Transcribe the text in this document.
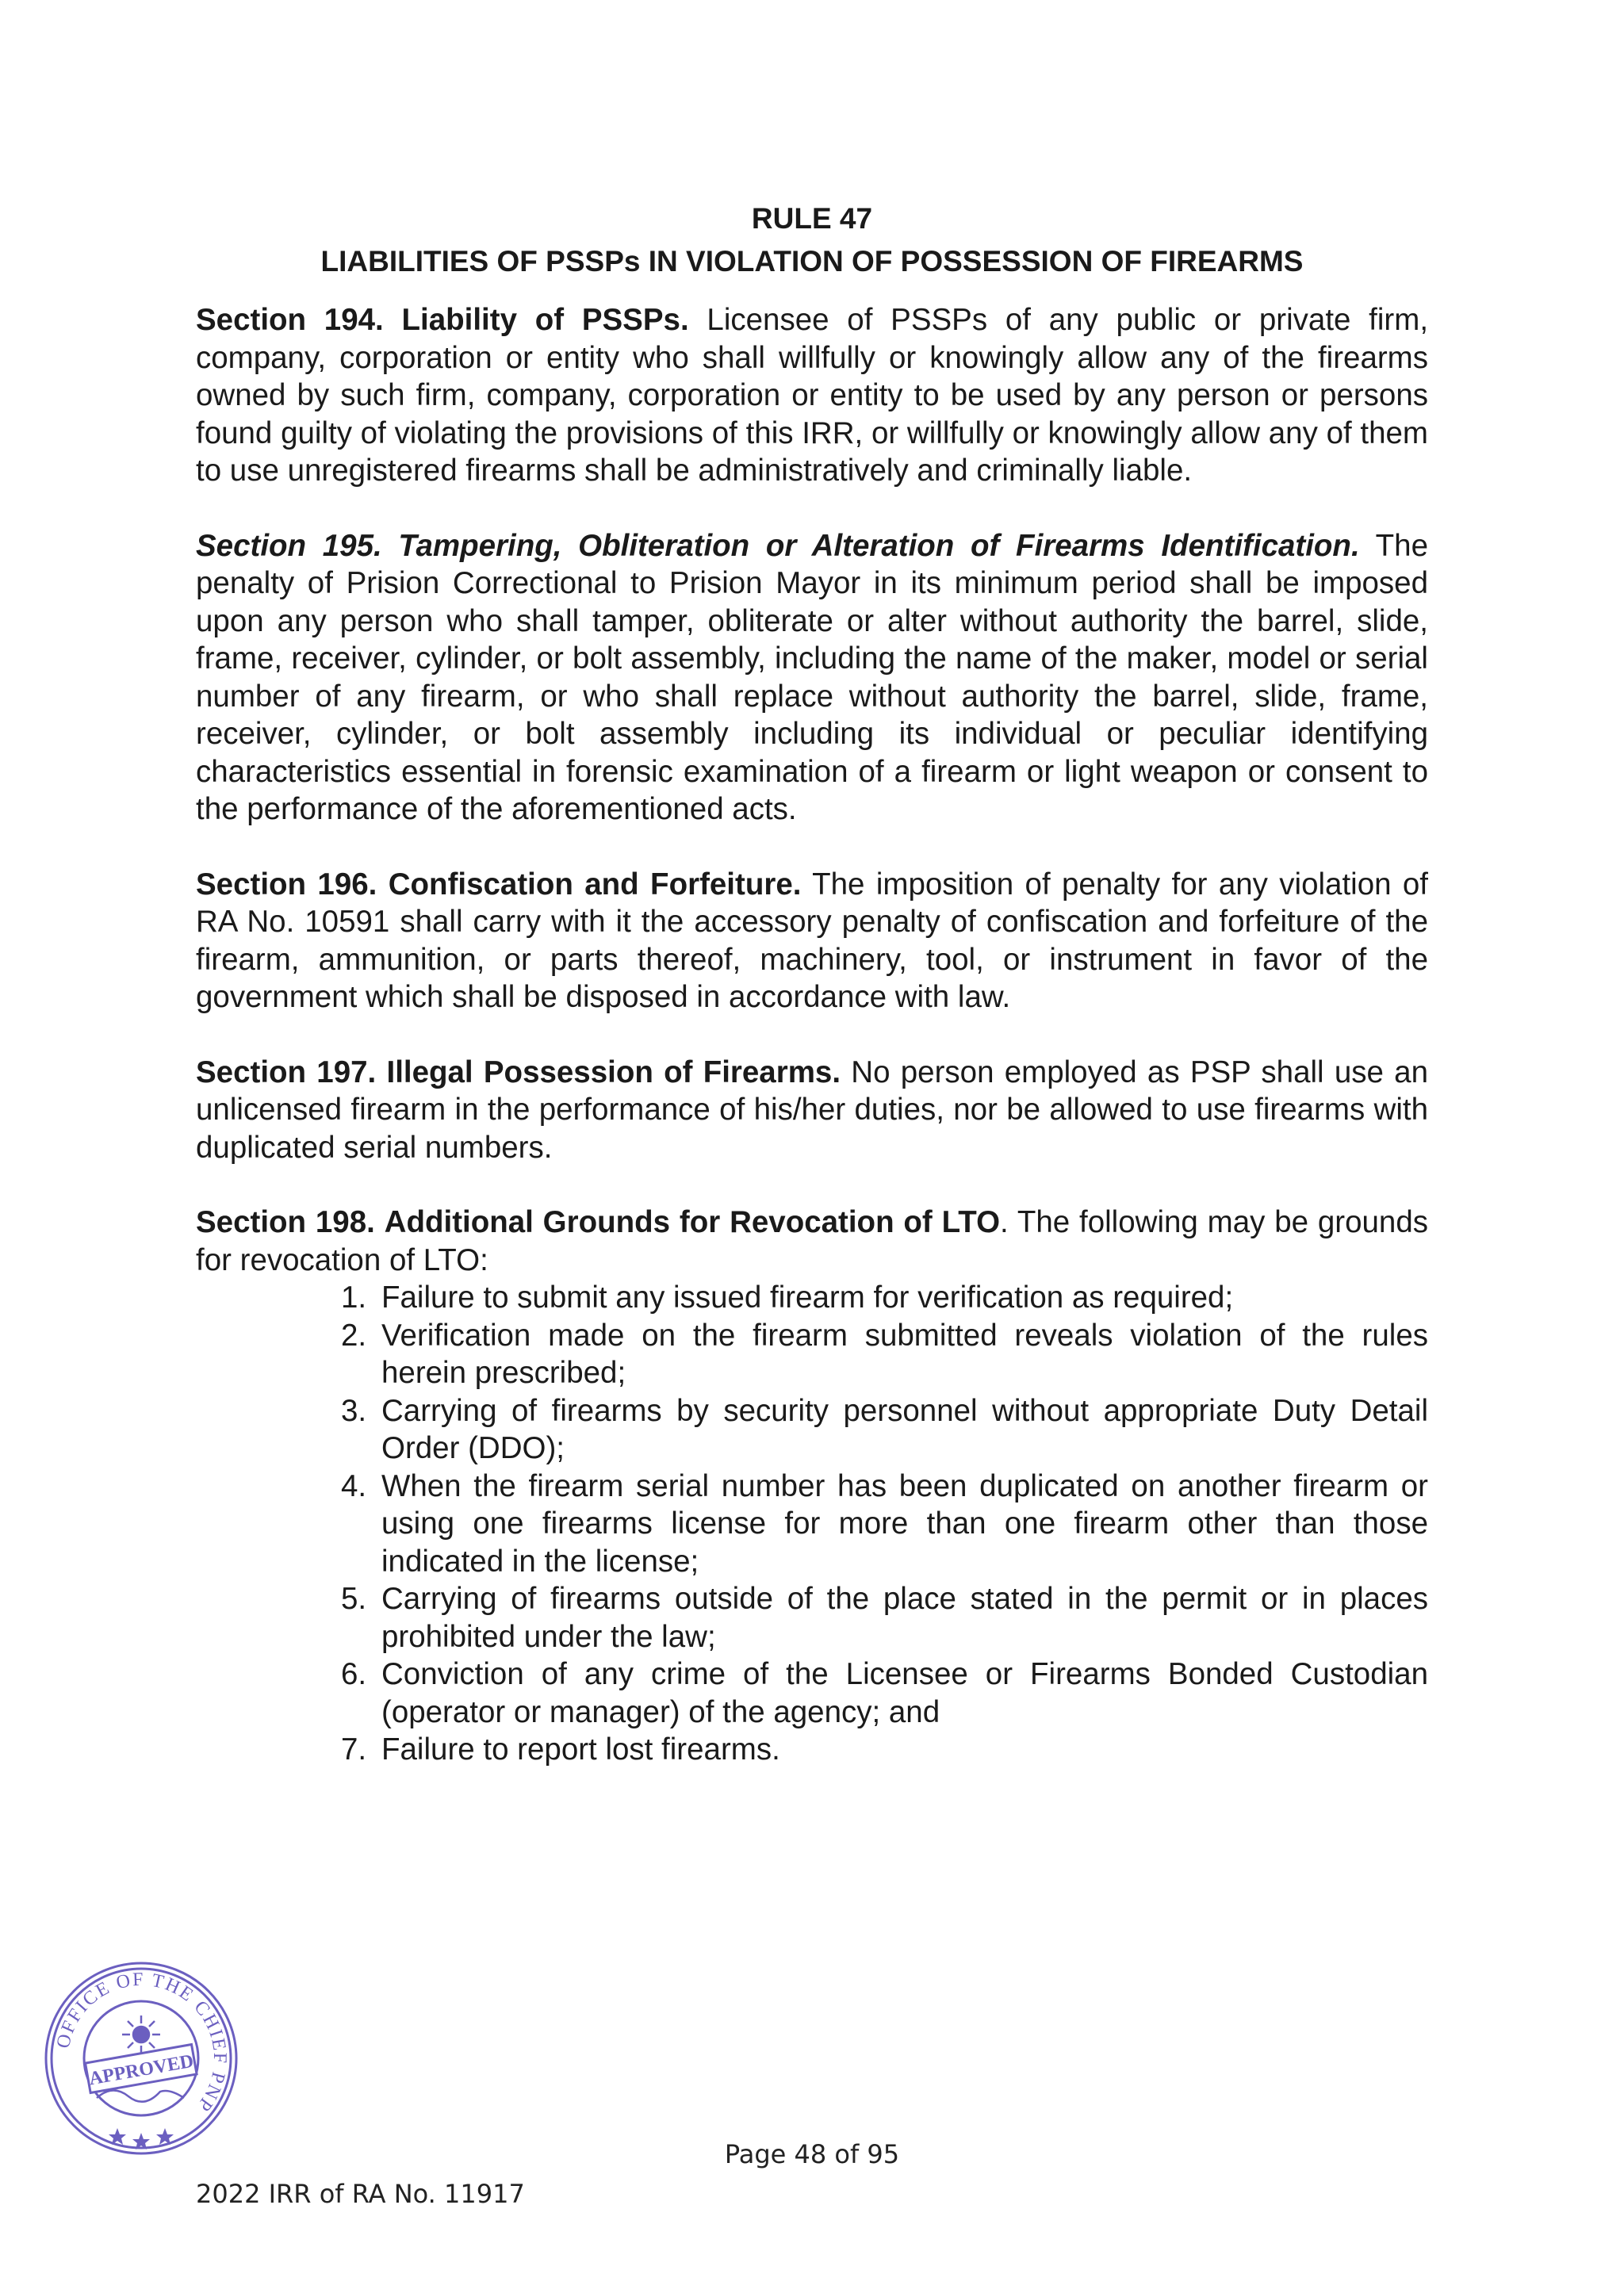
RULE 47
LIABILITIES OF PSSPs IN VIOLATION OF POSSESSION OF FIREARMS

Section 194. Liability of PSSPs. Licensee of PSSPs of any public or private firm, company, corporation or entity who shall willfully or knowingly allow any of the firearms owned by such firm, company, corporation or entity to be used by any person or persons found guilty of violating the provisions of this IRR, or willfully or knowingly allow any of them to use unregistered firearms shall be administratively and criminally liable.

Section 195. Tampering, Obliteration or Alteration of Firearms Identification. The penalty of Prision Correctional to Prision Mayor in its minimum period shall be imposed upon any person who shall tamper, obliterate or alter without authority the barrel, slide, frame, receiver, cylinder, or bolt assembly, including the name of the maker, model or serial number of any firearm, or who shall replace without authority the barrel, slide, frame, receiver, cylinder, or bolt assembly including its individual or peculiar identifying characteristics essential in forensic examination of a firearm or light weapon or consent to the performance of the aforementioned acts.

Section 196. Confiscation and Forfeiture. The imposition of penalty for any violation of RA No. 10591 shall carry with it the accessory penalty of confiscation and forfeiture of the firearm, ammunition, or parts thereof, machinery, tool, or instrument in favor of the government which shall be disposed in accordance with law.

Section 197. Illegal Possession of Firearms. No person employed as PSP shall use an unlicensed firearm in the performance of his/her duties, nor be allowed to use firearms with duplicated serial numbers.

Section 198. Additional Grounds for Revocation of LTO. The following may be grounds for revocation of LTO:

1. Failure to submit any issued firearm for verification as required;
2. Verification made on the firearm submitted reveals violation of the rules herein prescribed;
3. Carrying of firearms by security personnel without appropriate Duty Detail Order (DDO);
4. When the firearm serial number has been duplicated on another firearm or using one firearms license for more than one firearm other than those indicated in the license;
5. Carrying of firearms outside of the place stated in the permit or in places prohibited under the law;
6. Conviction of any crime of the Licensee or Firearms Bonded Custodian (operator or manager) of the agency; and
7. Failure to report lost firearms.
OFFICE OF THE CHIEF PNP
APPROVED
Page 48 of 95
2022 IRR of RA No. 11917
